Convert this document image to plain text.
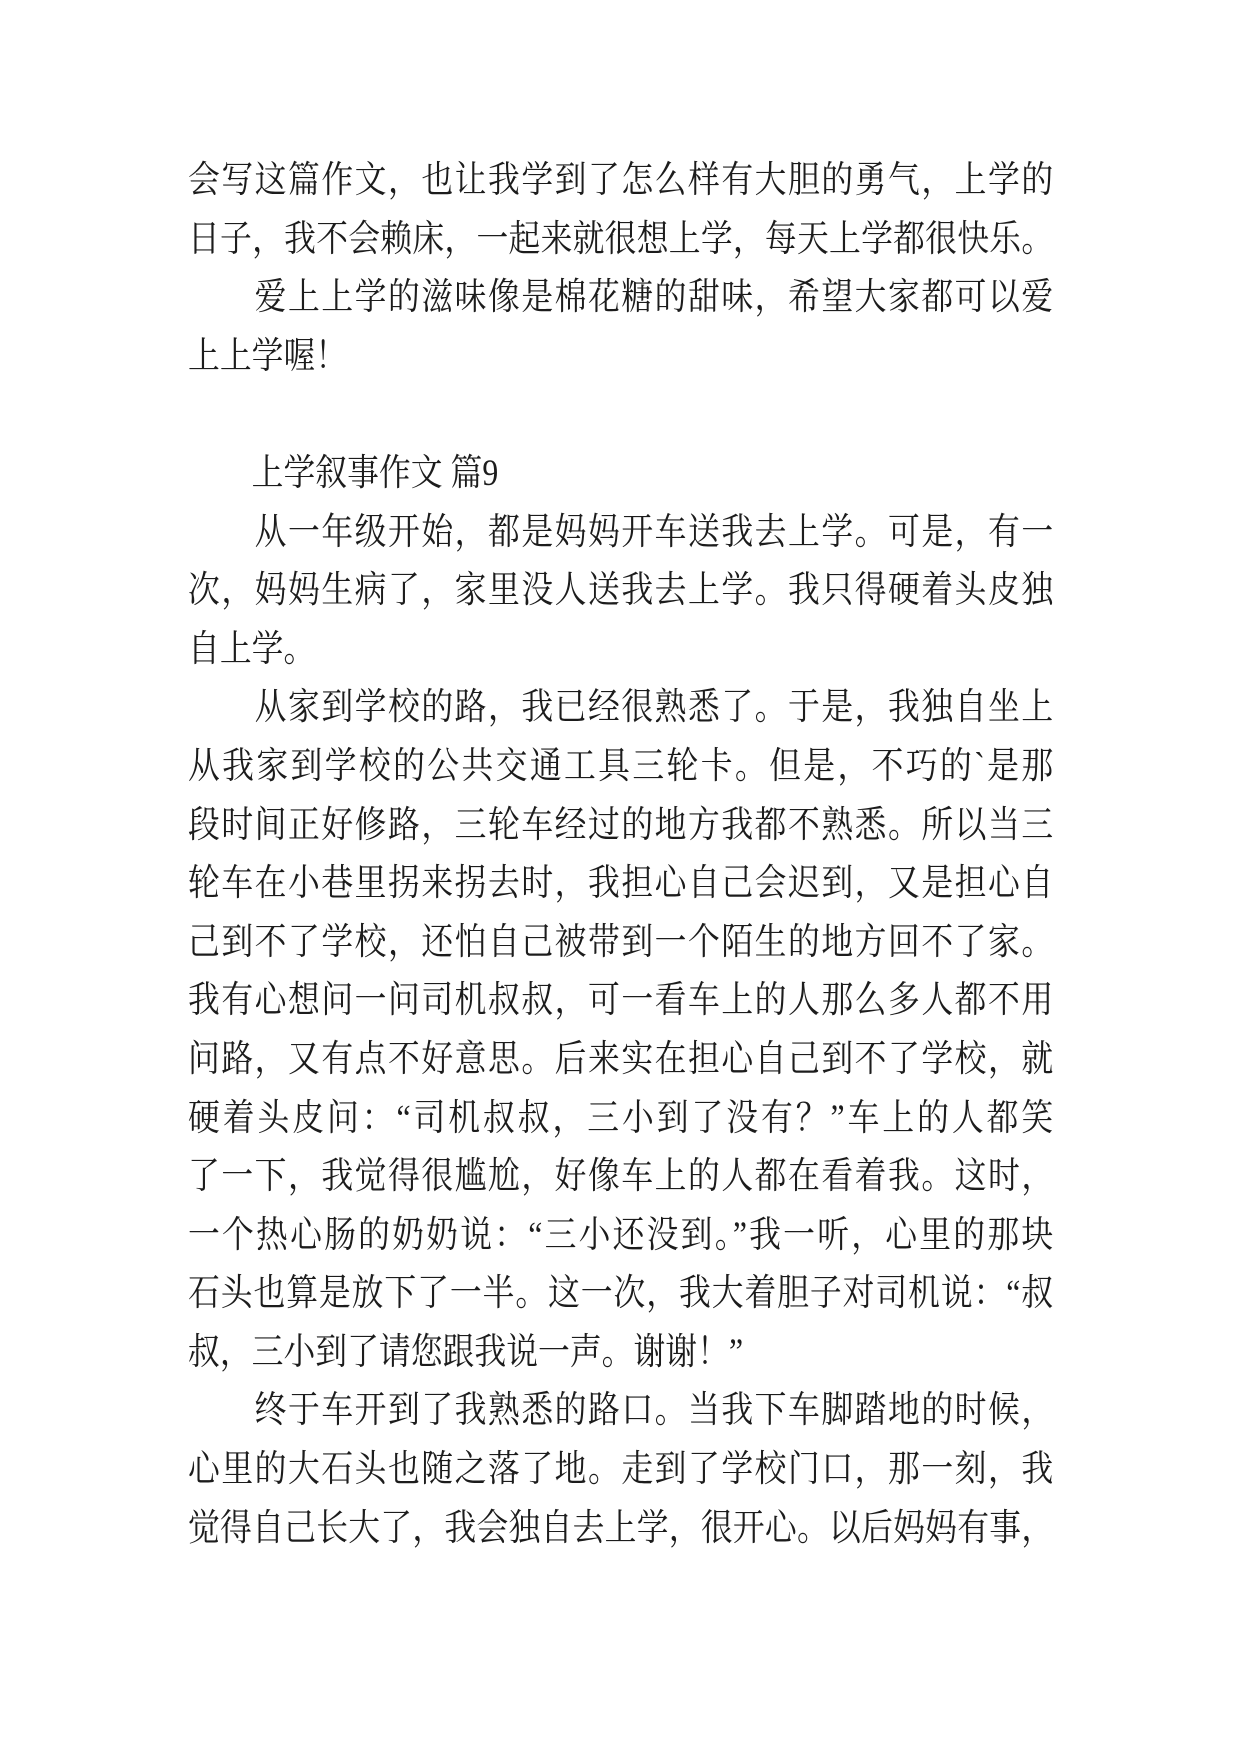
会写这篇作文，也让我学到了怎么样有大胆的勇气，上学的
日子，我不会赖床，一起来就很想上学，每天上学都很快乐。
　　爱上上学的滋味像是棉花糖的甜味，希望大家都可以爱
上上学喔！

　　上学叙事作文 篇9
　　从一年级开始，都是妈妈开车送我去上学。可是，有一
次，妈妈生病了，家里没人送我去上学。我只得硬着头皮独
自上学。
　　从家到学校的路，我已经很熟悉了。于是，我独自坐上
从我家到学校的公共交通工具三轮卡。但是，不巧的`是那
段时间正好修路，三轮车经过的地方我都不熟悉。所以当三
轮车在小巷里拐来拐去时，我担心自己会迟到，又是担心自
己到不了学校，还怕自己被带到一个陌生的地方回不了家。
我有心想问一问司机叔叔，可一看车上的人那么多人都不用
问路，又有点不好意思。后来实在担心自己到不了学校，就
硬着头皮问：“司机叔叔，三小到了没有？”车上的人都笑
了一下，我觉得很尴尬，好像车上的人都在看着我。这时，
一个热心肠的奶奶说：“三小还没到。”我一听，心里的那块
石头也算是放下了一半。这一次，我大着胆子对司机说：“叔
叔，三小到了请您跟我说一声。谢谢！”
　　终于车开到了我熟悉的路口。当我下车脚踏地的时候，
心里的大石头也随之落了地。走到了学校门口，那一刻，我
觉得自己长大了，我会独自去上学，很开心。以后妈妈有事，
